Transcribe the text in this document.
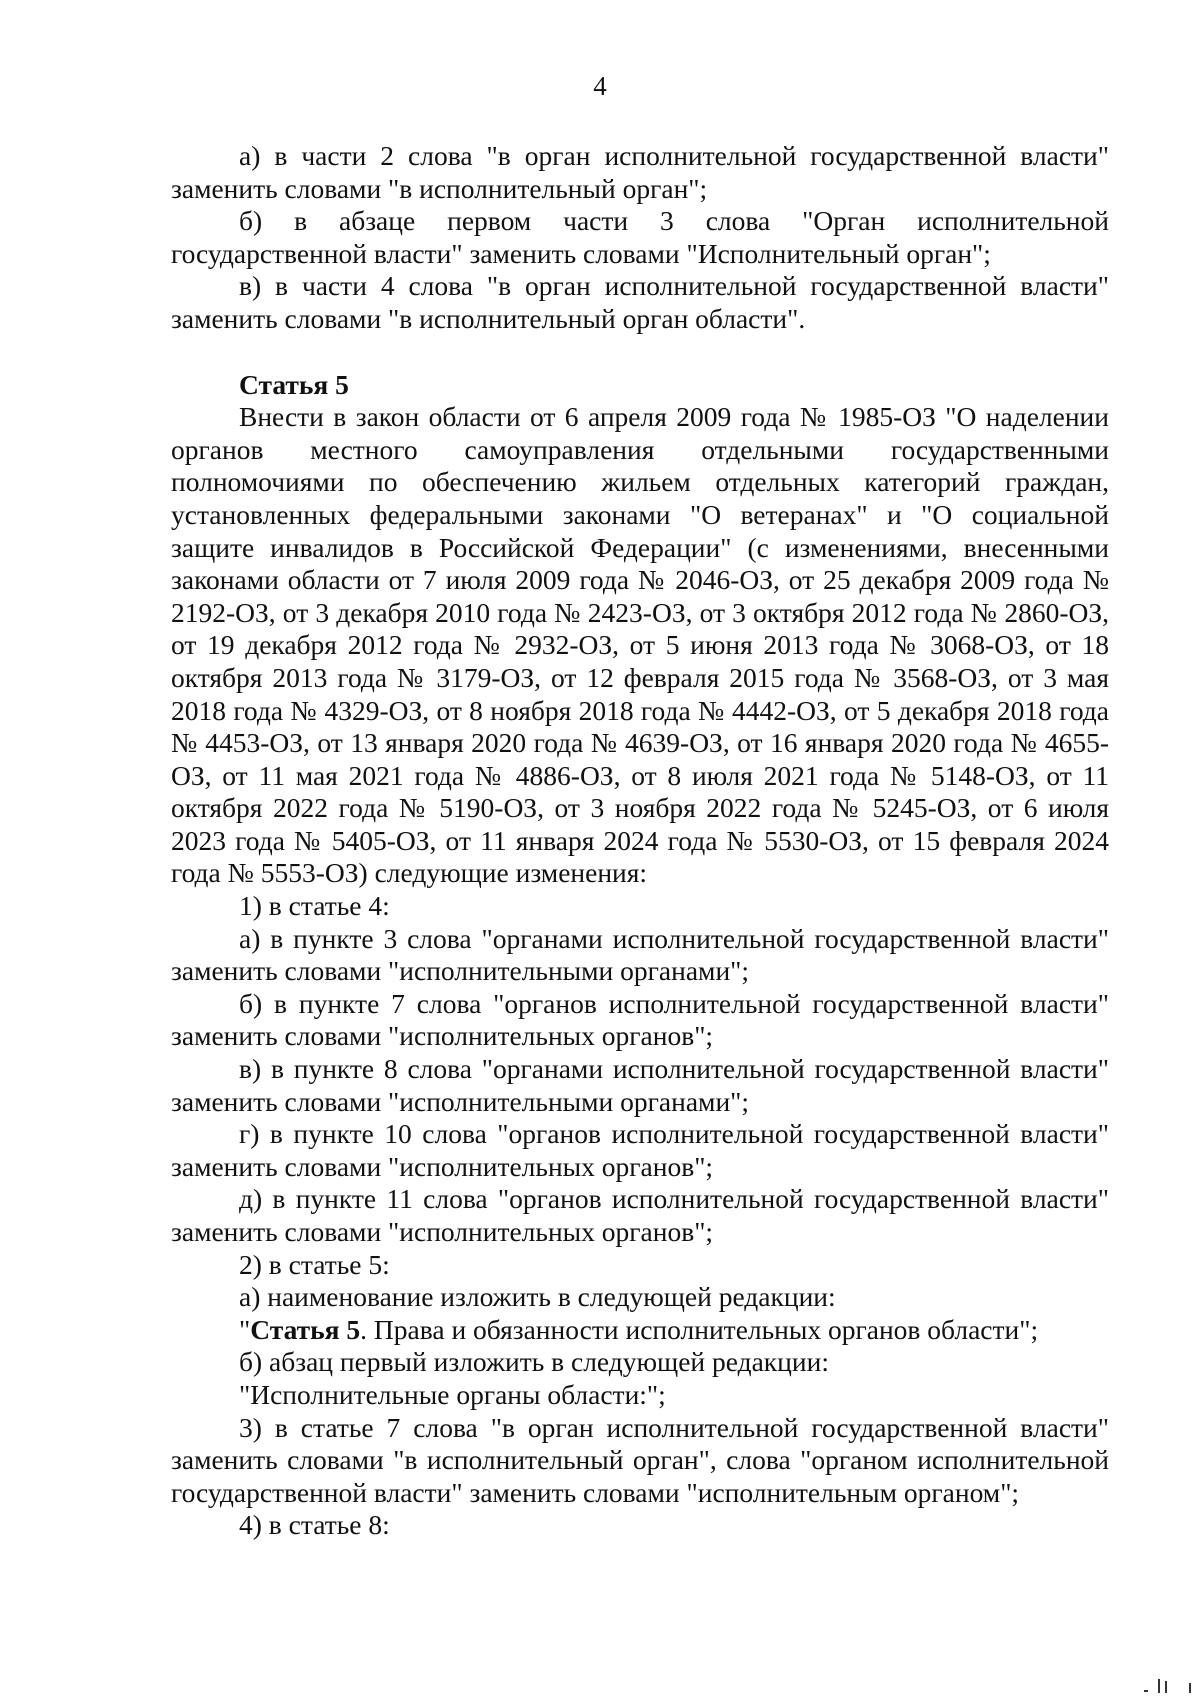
4

а) в части 2 слова "в орган исполнительной государственной власти" заменить словами "в исполнительный орган";

б) в абзаце первом части 3 слова "Орган исполнительной государственной власти" заменить словами "Исполнительный орган";

в) в части 4 слова "в орган исполнительной государственной власти" заменить словами "в исполнительный орган области".

Статья 5

Внести в закон области от 6 апреля 2009 года № 1985-ОЗ "О наделении органов местного самоуправления отдельными государственными полномочиями по обеспечению жильем отдельных категорий граждан, установленных федеральными законами "О ветеранах" и "О социальной защите инвалидов в Российской Федерации" (с изменениями, внесенными законами области от 7 июля 2009 года № 2046-ОЗ, от 25 декабря 2009 года № 2192-ОЗ, от 3 декабря 2010 года № 2423-ОЗ, от 3 октября 2012 года № 2860-ОЗ, от 19 декабря 2012 года № 2932-ОЗ, от 5 июня 2013 года № 3068-ОЗ, от 18 октября 2013 года № 3179-ОЗ, от 12 февраля 2015 года № 3568-ОЗ, от 3 мая 2018 года № 4329-ОЗ, от 8 ноября 2018 года № 4442-ОЗ, от 5 декабря 2018 года № 4453-ОЗ, от 13 января 2020 года № 4639-ОЗ, от 16 января 2020 года № 4655-ОЗ, от 11 мая 2021 года № 4886-ОЗ, от 8 июля 2021 года № 5148-ОЗ, от 11 октября 2022 года № 5190-ОЗ, от 3 ноября 2022 года № 5245-ОЗ, от 6 июля 2023 года № 5405-ОЗ, от 11 января 2024 года № 5530-ОЗ, от 15 февраля 2024 года № 5553-ОЗ) следующие изменения:

1) в статье 4:

а) в пункте 3 слова "органами исполнительной государственной власти" заменить словами "исполнительными органами";

б) в пункте 7 слова "органов исполнительной государственной власти" заменить словами "исполнительных органов";

в) в пункте 8 слова "органами исполнительной государственной власти" заменить словами "исполнительными органами";

г) в пункте 10 слова "органов исполнительной государственной власти" заменить словами "исполнительных органов";

д) в пункте 11 слова "органов исполнительной государственной власти" заменить словами "исполнительных органов";

2) в статье 5:

а) наименование изложить в следующей редакции:

"Статья 5. Права и обязанности исполнительных органов области";

б) абзац первый изложить в следующей редакции:

"Исполнительные органы области:";

3) в статье 7 слова "в орган исполнительной государственной власти" заменить словами "в исполнительный орган", слова "органом исполнительной государственной власти" заменить словами "исполнительным органом";

4) в статье 8:
